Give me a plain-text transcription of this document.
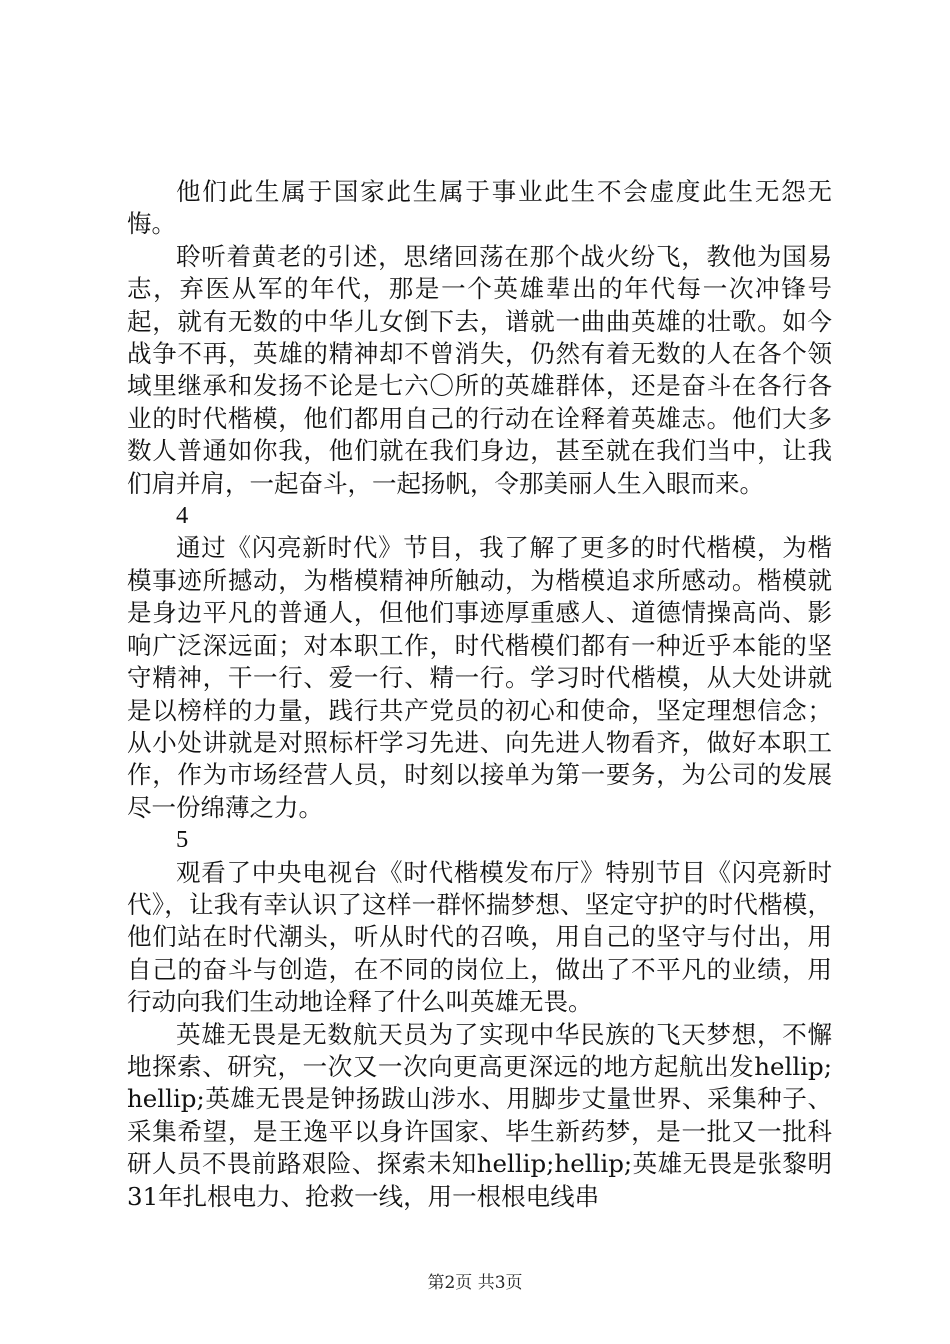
他们此生属于国家此生属于事业此生不会虚度此生无怨无悔。

聆听着黄老的引述，思绪回荡在那个战火纷飞，教他为国易志，弃医从军的年代，那是一个英雄辈出的年代每一次冲锋号起，就有无数的中华儿女倒下去，谱就一曲曲英雄的壮歌。如今战争不再，英雄的精神却不曾消失，仍然有着无数的人在各个领域里继承和发扬不论是七六〇所的英雄群体，还是奋斗在各行各业的时代楷模，他们都用自己的行动在诠释着英雄志。他们大多数人普通如你我，他们就在我们身边，甚至就在我们当中，让我们肩并肩，一起奋斗，一起扬帆，令那美丽人生入眼而来。

4

通过《闪亮新时代》节目，我了解了更多的时代楷模，为楷模事迹所撼动，为楷模精神所触动，为楷模追求所感动。楷模就是身边平凡的普通人，但他们事迹厚重感人、道德情操高尚、影响广泛深远面；对本职工作，时代楷模们都有一种近乎本能的坚守精神，干一行、爱一行、精一行。学习时代楷模，从大处讲就是以榜样的力量，践行共产党员的初心和使命，坚定理想信念；从小处讲就是对照标杆学习先进、向先进人物看齐，做好本职工作，作为市场经营人员，时刻以接单为第一要务，为公司的发展尽一份绵薄之力。

5

观看了中央电视台《时代楷模发布厅》特别节目《闪亮新时代》，让我有幸认识了这样一群怀揣梦想、坚定守护的时代楷模，他们站在时代潮头，听从时代的召唤，用自己的坚守与付出，用自己的奋斗与创造，在不同的岗位上，做出了不平凡的业绩，用行动向我们生动地诠释了什么叫英雄无畏。

英雄无畏是无数航天员为了实现中华民族的飞天梦想，不懈地探索、研究，一次又一次向更高更深远的地方起航出发hellip;hellip;英雄无畏是钟扬跋山涉水、用脚步丈量世界、采集种子、采集希望，是王逸平以身许国家、毕生新药梦，是一批又一批科研人员不畏前路艰险、探索未知hellip;hellip;英雄无畏是张黎明31年扎根电力、抢救一线，用一根根电线串

第2页 共3页
